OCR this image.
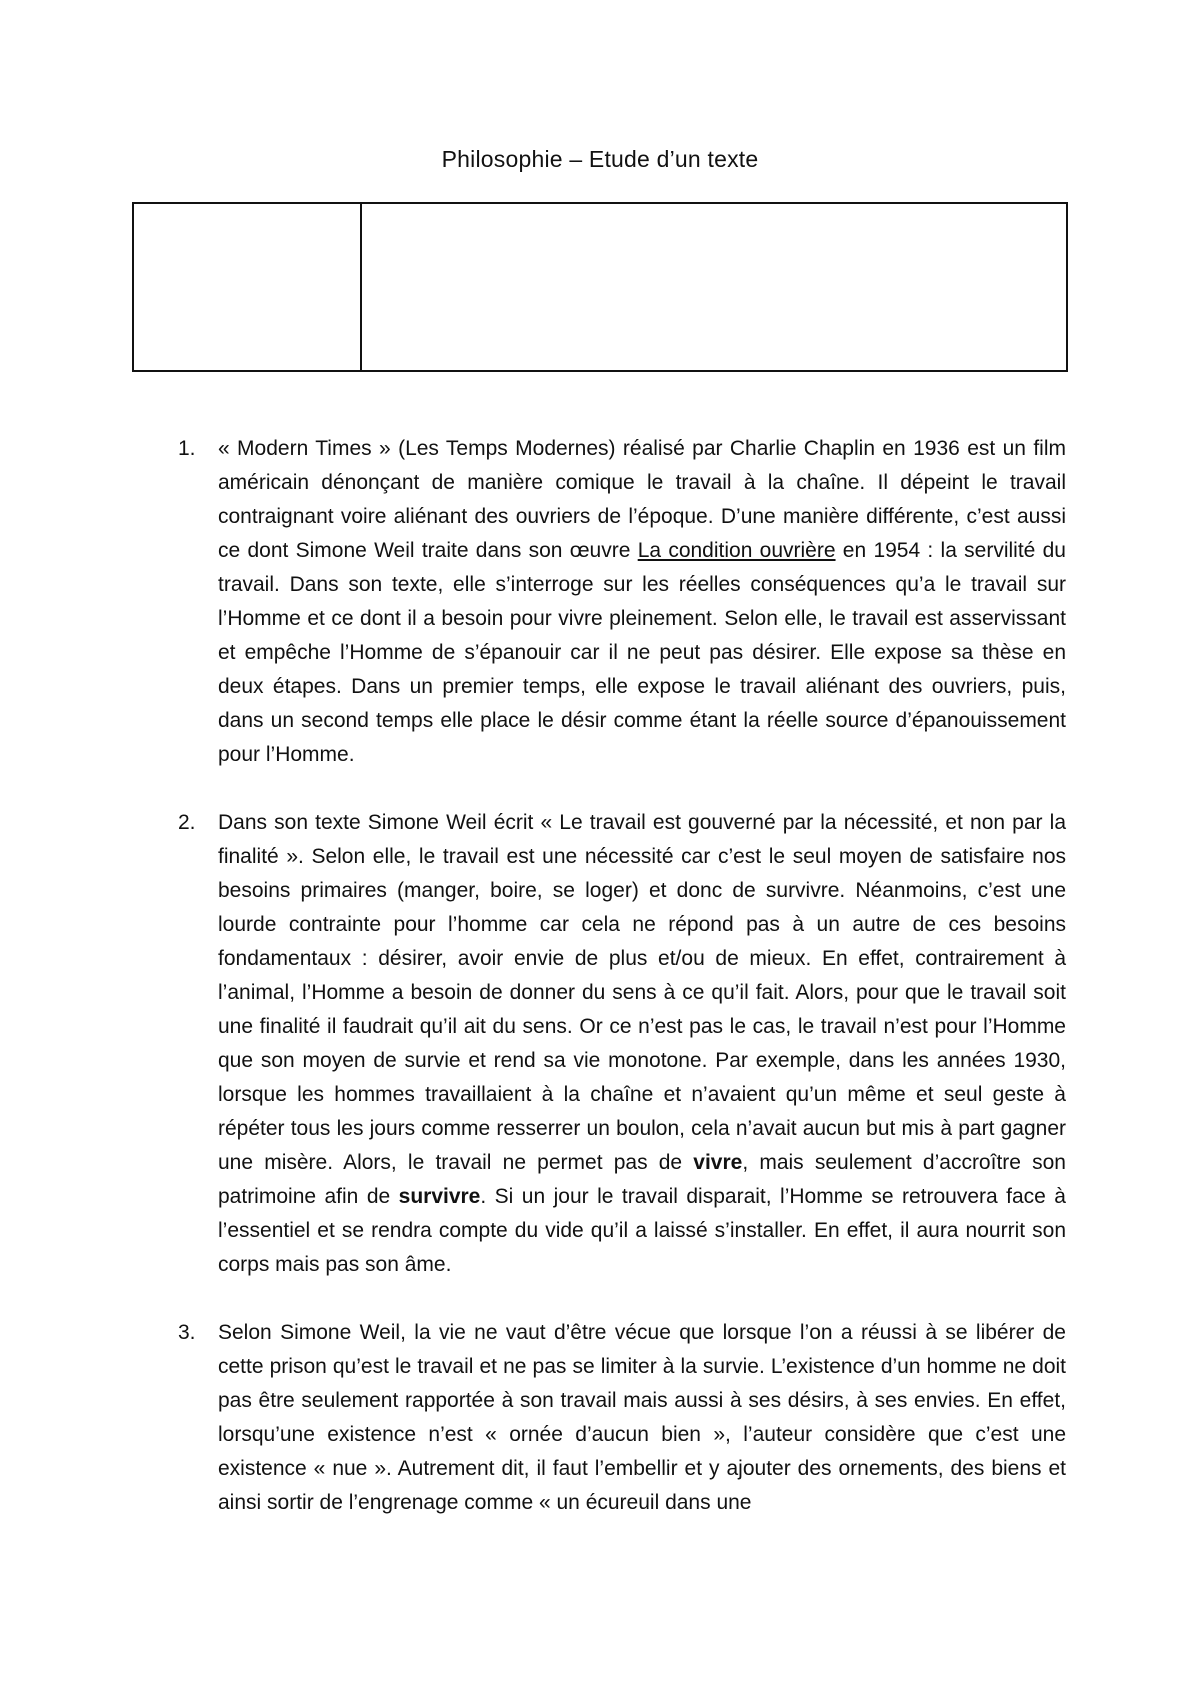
Philosophie – Etude d’un texte

1. « Modern Times » (Les Temps Modernes) réalisé par Charlie Chaplin en 1936 est un film américain dénonçant de manière comique le travail à la chaîne. Il dépeint le travail contraignant voire aliénant des ouvriers de l’époque. D’une manière différente, c’est aussi ce dont Simone Weil traite dans son œuvre La condition ouvrière en 1954 : la servilité du travail. Dans son texte, elle s’interroge sur les réelles conséquences qu’a le travail sur l’Homme et ce dont il a besoin pour vivre pleinement. Selon elle, le travail est asservissant et empêche l’Homme de s’épanouir car il ne peut pas désirer. Elle expose sa thèse en deux étapes. Dans un premier temps, elle expose le travail aliénant des ouvriers, puis, dans un second temps elle place le désir comme étant la réelle source d’épanouissement pour l’Homme.
2. Dans son texte Simone Weil écrit « Le travail est gouverné par la nécessité, et non par la finalité ». Selon elle, le travail est une nécessité car c’est le seul moyen de satisfaire nos besoins primaires (manger, boire, se loger) et donc de survivre. Néanmoins, c’est une lourde contrainte pour l’homme car cela ne répond pas à un autre de ces besoins fondamentaux : désirer, avoir envie de plus et/ou de mieux. En effet, contrairement à l’animal, l’Homme a besoin de donner du sens à ce qu’il fait. Alors, pour que le travail soit une finalité il faudrait qu’il ait du sens. Or ce n’est pas le cas, le travail n’est pour l’Homme que son moyen de survie et rend sa vie monotone. Par exemple, dans les années 1930, lorsque les hommes travaillaient à la chaîne et n’avaient qu’un même et seul geste à répéter tous les jours comme resserrer un boulon, cela n’avait aucun but mis à part gagner une misère. Alors, le travail ne permet pas de vivre, mais seulement d’accroître son patrimoine afin de survivre. Si un jour le travail disparait, l’Homme se retrouvera face à l’essentiel et se rendra compte du vide qu’il a laissé s’installer. En effet, il aura nourrit son corps mais pas son âme.
3. Selon Simone Weil, la vie ne vaut d’être vécue que lorsque l’on a réussi à se libérer de cette prison qu’est le travail et ne pas se limiter à la survie. L’existence d’un homme ne doit pas être seulement rapportée à son travail mais aussi à ses désirs, à ses envies. En effet, lorsqu’une existence n’est « ornée d’aucun bien », l’auteur considère que c’est une existence « nue ». Autrement dit, il faut l’embellir et y ajouter des ornements, des biens et ainsi sortir de l’engrenage comme « un écureuil dans une
